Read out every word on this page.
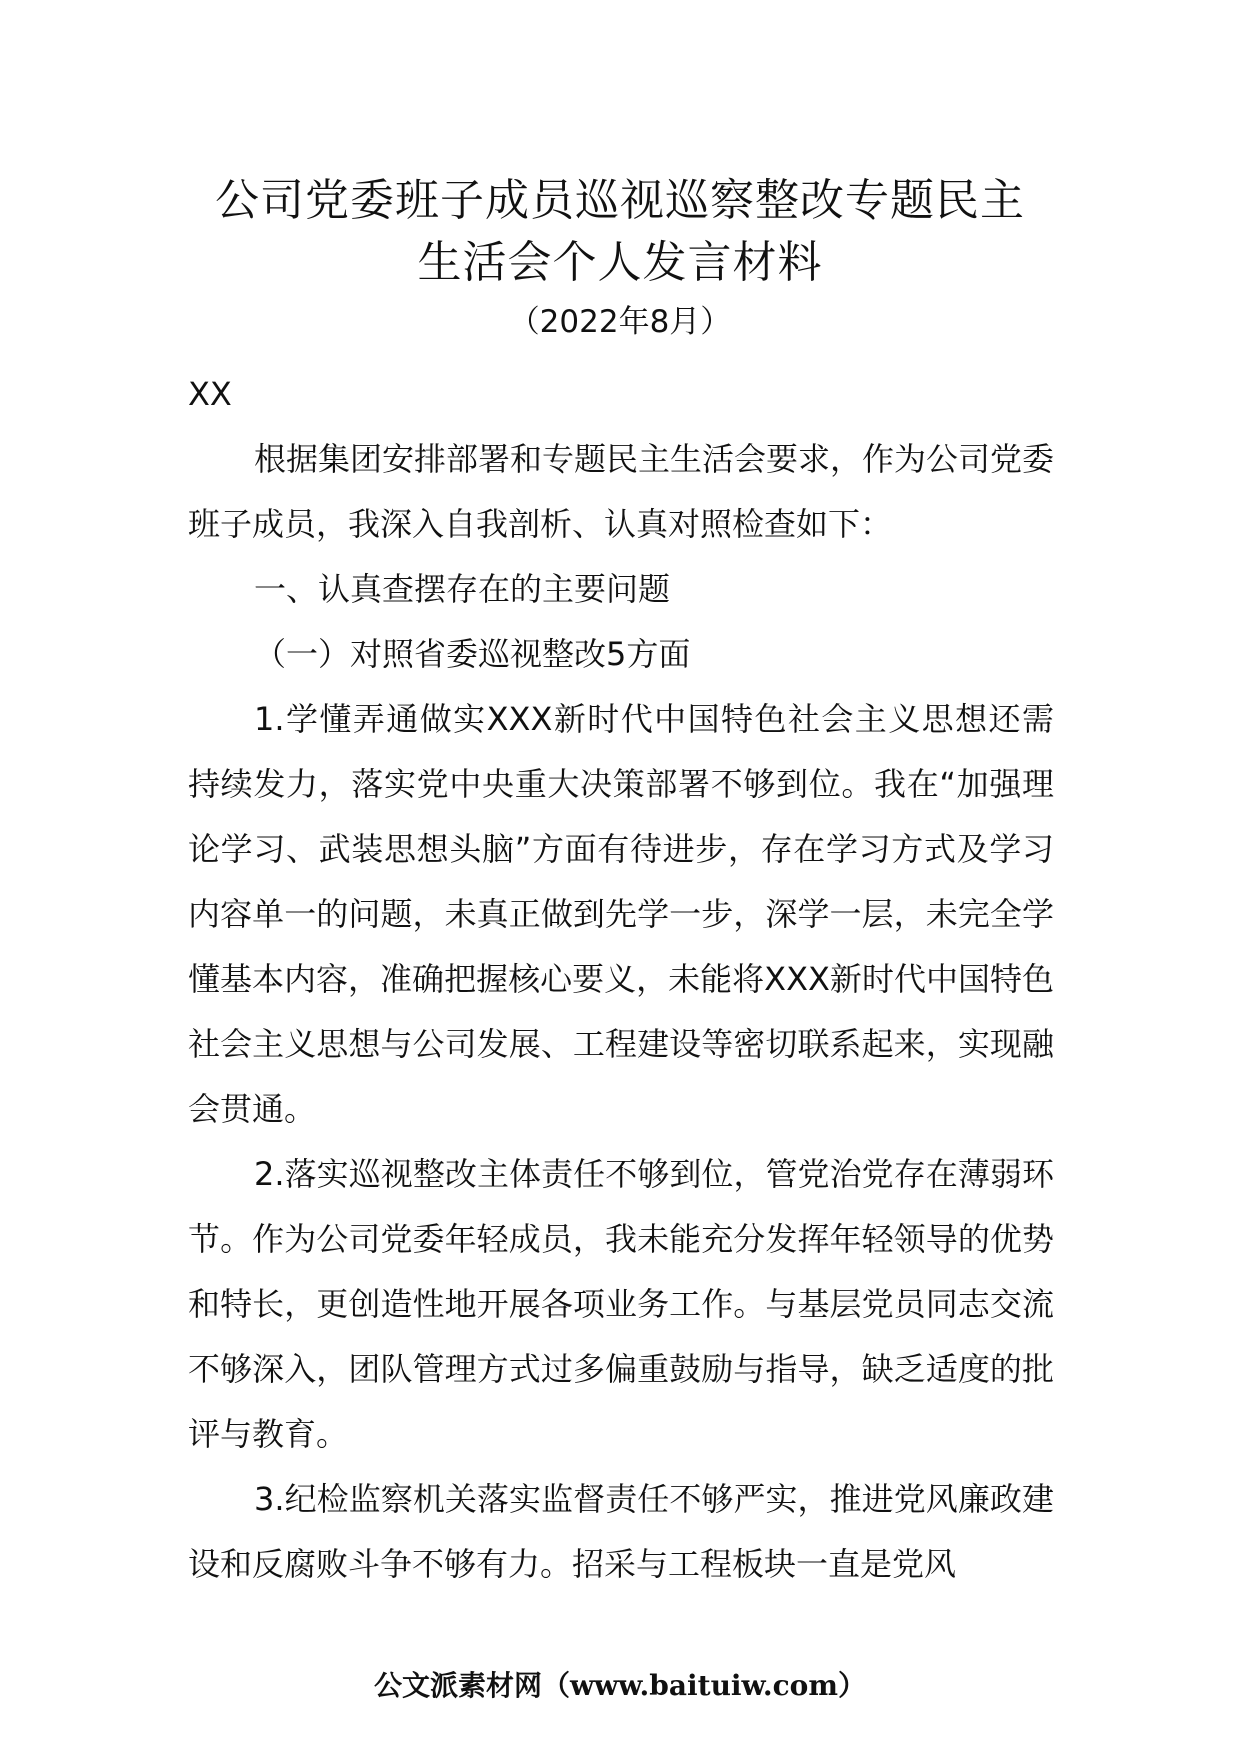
公司党委班子成员巡视巡察整改专题民主
生活会个人发言材料
（2022年8月）

XX

根据集团安排部署和专题民主生活会要求，作为公司党委班子成员，我深入自我剖析、认真对照检查如下：

一、认真查摆存在的主要问题

（一）对照省委巡视整改5方面

1.学懂弄通做实XXX新时代中国特色社会主义思想还需持续发力，落实党中央重大决策部署不够到位。我在“加强理论学习、武装思想头脑”方面有待进步，存在学习方式及学习内容单一的问题，未真正做到先学一步，深学一层，未完全学懂基本内容，准确把握核心要义，未能将XXX新时代中国特色社会主义思想与公司发展、工程建设等密切联系起来，实现融会贯通。

2.落实巡视整改主体责任不够到位，管党治党存在薄弱环节。作为公司党委年轻成员，我未能充分发挥年轻领导的优势和特长，更创造性地开展各项业务工作。与基层党员同志交流不够深入，团队管理方式过多偏重鼓励与指导，缺乏适度的批评与教育。

3.纪检监察机关落实监督责任不够严实，推进党风廉政建设和反腐败斗争不够有力。招采与工程板块一直是党风

公文派素材网（www.baituiw.com）
